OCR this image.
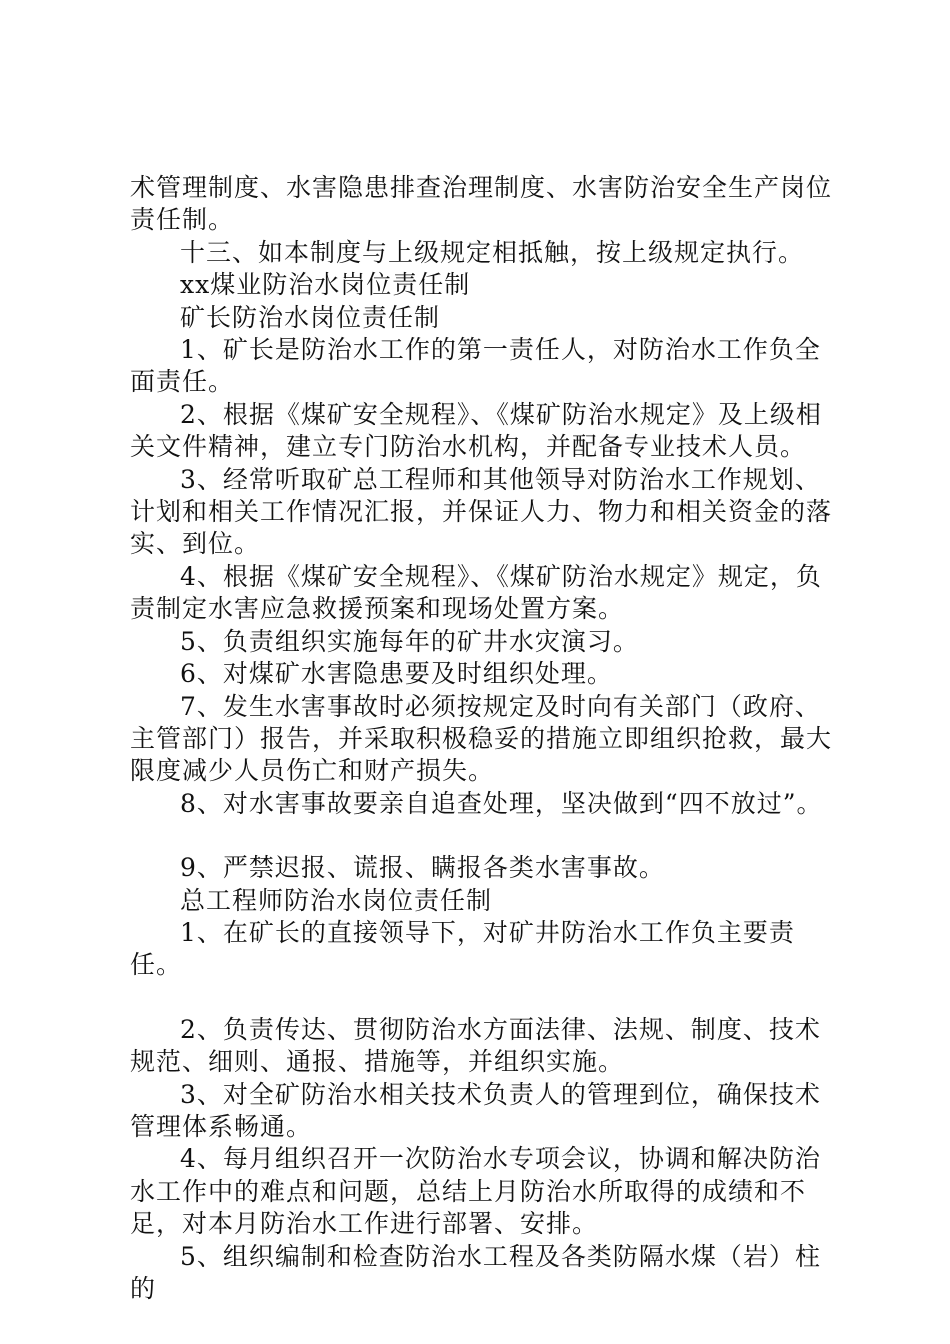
术管理制度、水害隐患排查治理制度、水害防治安全生产岗位责任制。

十三、如本制度与上级规定相抵触，按上级规定执行。

xx煤业防治水岗位责任制

矿长防治水岗位责任制

1、矿长是防治水工作的第一责任人，对防治水工作负全面责任。

2、根据《煤矿安全规程》、《煤矿防治水规定》及上级相关文件精神，建立专门防治水机构，并配备专业技术人员。

3、经常听取矿总工程师和其他领导对防治水工作规划、计划和相关工作情况汇报，并保证人力、物力和相关资金的落实、到位。

4、根据《煤矿安全规程》、《煤矿防治水规定》规定，负责制定水害应急救援预案和现场处置方案。

5、负责组织实施每年的矿井水灾演习。

6、对煤矿水害隐患要及时组织处理。

7、发生水害事故时必须按规定及时向有关部门（政府、主管部门）报告，并采取积极稳妥的措施立即组织抢救，最大限度减少人员伤亡和财产损失。

8、对水害事故要亲自追查处理，坚决做到“四不放过”。

9、严禁迟报、谎报、瞒报各类水害事故。

总工程师防治水岗位责任制

1、在矿长的直接领导下，对矿井防治水工作负主要责任。

2、负责传达、贯彻防治水方面法律、法规、制度、技术规范、细则、通报、措施等，并组织实施。

3、对全矿防治水相关技术负责人的管理到位，确保技术管理体系畅通。

4、每月组织召开一次防治水专项会议，协调和解决防治水工作中的难点和问题，总结上月防治水所取得的成绩和不足，对本月防治水工作进行部署、安排。

5、组织编制和检查防治水工程及各类防隔水煤（岩）柱的
